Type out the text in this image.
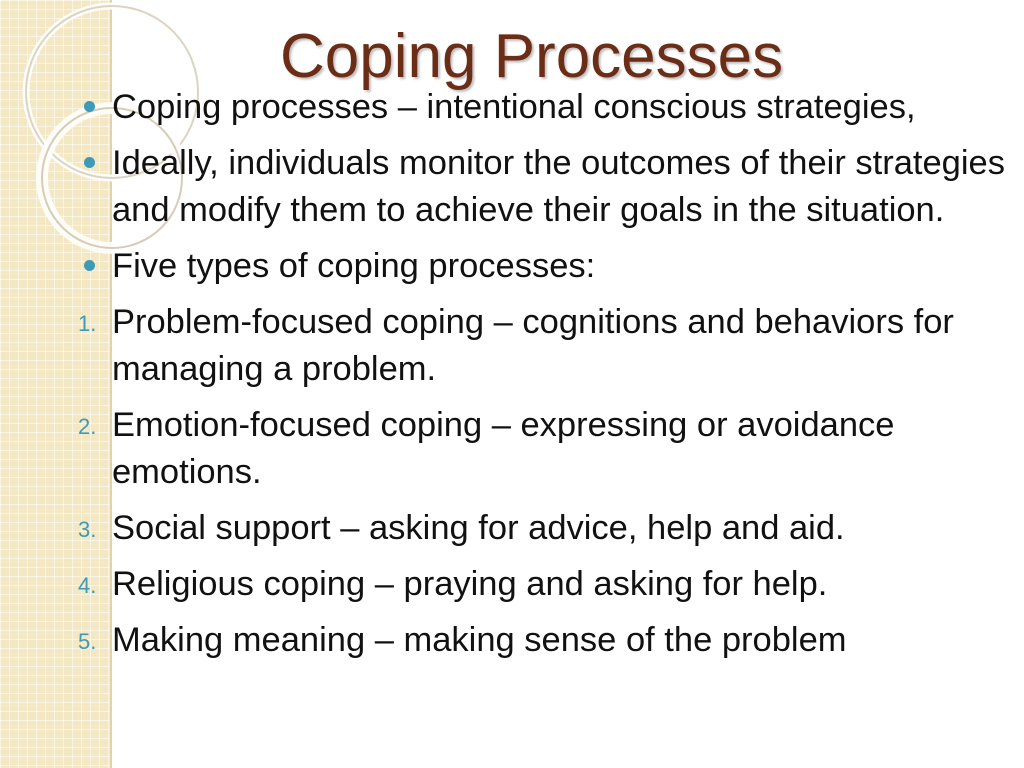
Coping Processes
Coping processes – intentional conscious strategies,
Ideally, individuals monitor the outcomes of their strategies and modify them to achieve their goals in the situation.
Five types of coping processes:
1. Problem-focused coping – cognitions and behaviors for managing a problem.
2. Emotion-focused coping – expressing or avoidance emotions.
3. Social support – asking for advice, help and aid.
4. Religious coping – praying and asking for help.
5. Making meaning – making sense of the problem
